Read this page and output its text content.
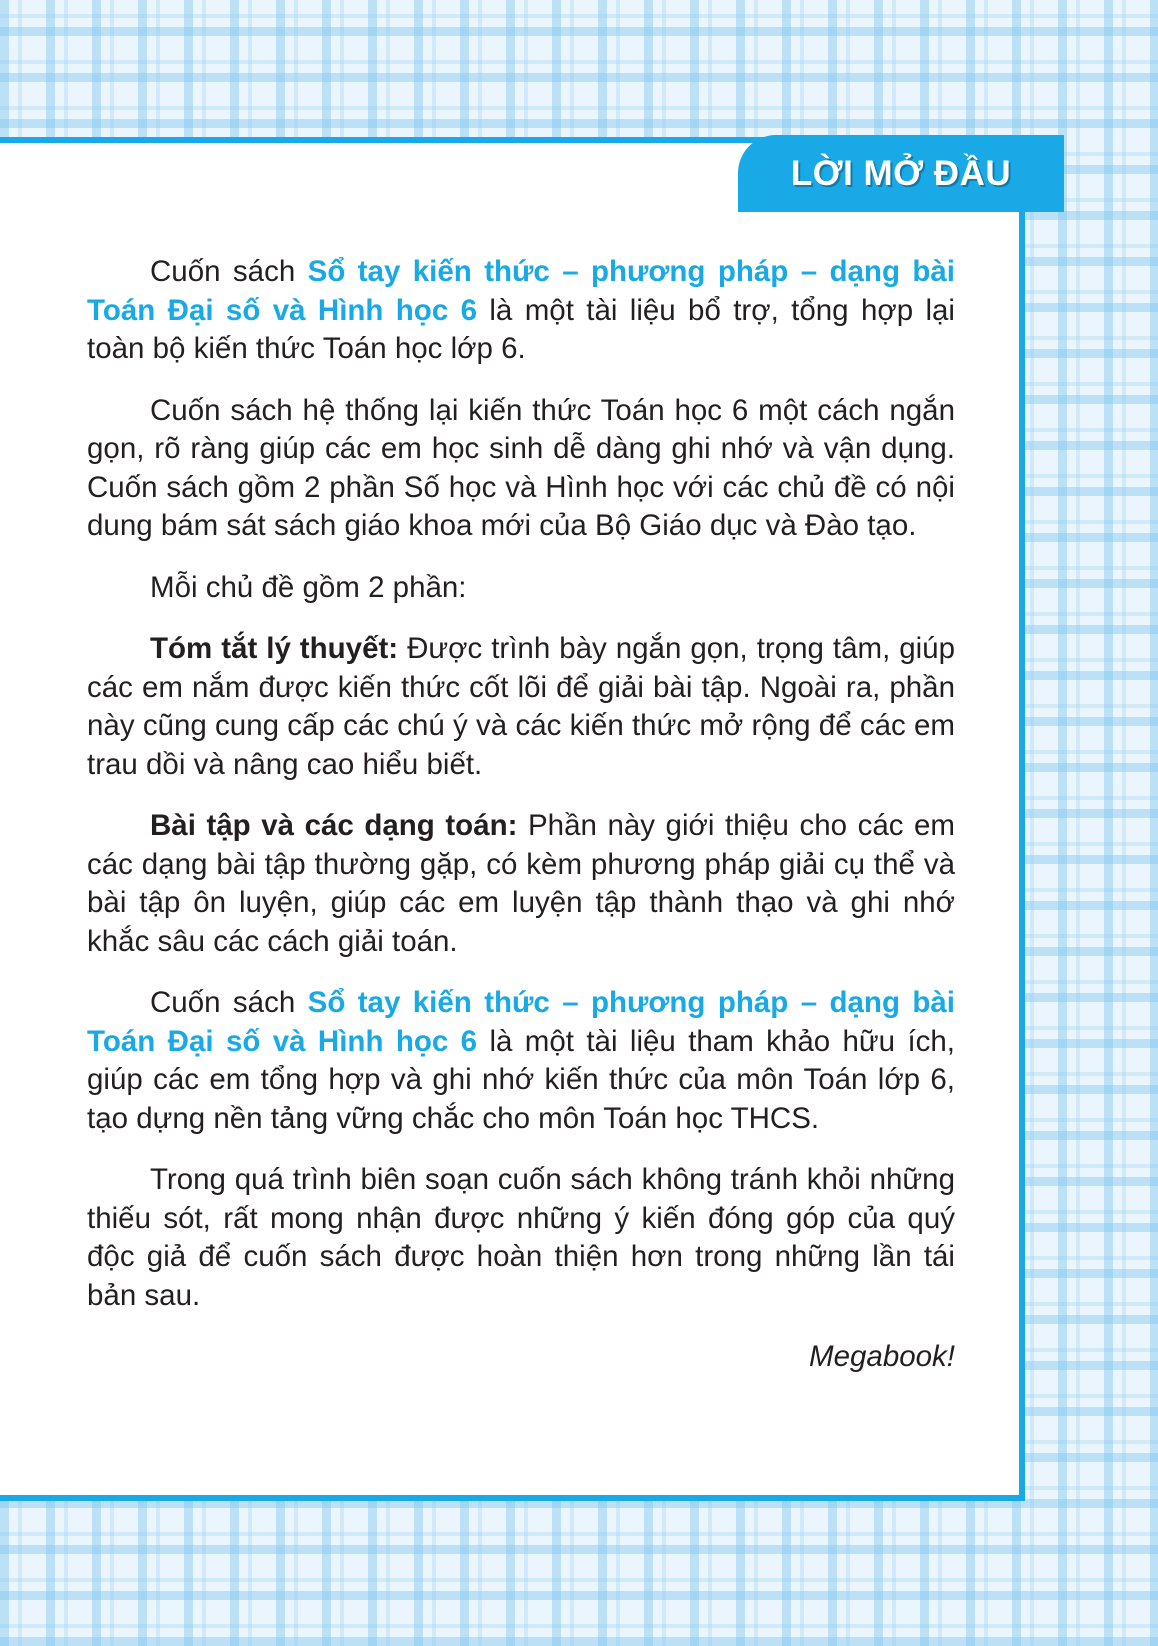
LỜI MỞ ĐẦU

Cuốn sách Sổ tay kiến thức – phương pháp – dạng bài Toán Đại số và Hình học 6 là một tài liệu bổ trợ, tổng hợp lại toàn bộ kiến thức Toán học lớp 6.

Cuốn sách hệ thống lại kiến thức Toán học 6 một cách ngắn gọn, rõ ràng giúp các em học sinh dễ dàng ghi nhớ và vận dụng. Cuốn sách gồm 2 phần Số học và Hình học với các chủ đề có nội dung bám sát sách giáo khoa mới của Bộ Giáo dục và Đào tạo.

Mỗi chủ đề gồm 2 phần:

Tóm tắt lý thuyết: Được trình bày ngắn gọn, trọng tâm, giúp các em nắm được kiến thức cốt lõi để giải bài tập. Ngoài ra, phần này cũng cung cấp các chú ý và các kiến thức mở rộng để các em trau dồi và nâng cao hiểu biết.

Bài tập và các dạng toán: Phần này giới thiệu cho các em các dạng bài tập thường gặp, có kèm phương pháp giải cụ thể và bài tập ôn luyện, giúp các em luyện tập thành thạo và ghi nhớ khắc sâu các cách giải toán.

Cuốn sách Sổ tay kiến thức – phương pháp – dạng bài Toán Đại số và Hình học 6 là một tài liệu tham khảo hữu ích, giúp các em tổng hợp và ghi nhớ kiến thức của môn Toán lớp 6, tạo dựng nền tảng vững chắc cho môn Toán học THCS.

Trong quá trình biên soạn cuốn sách không tránh khỏi những thiếu sót, rất mong nhận được những ý kiến đóng góp của quý độc giả để cuốn sách được hoàn thiện hơn trong những lần tái bản sau.

Megabook!
